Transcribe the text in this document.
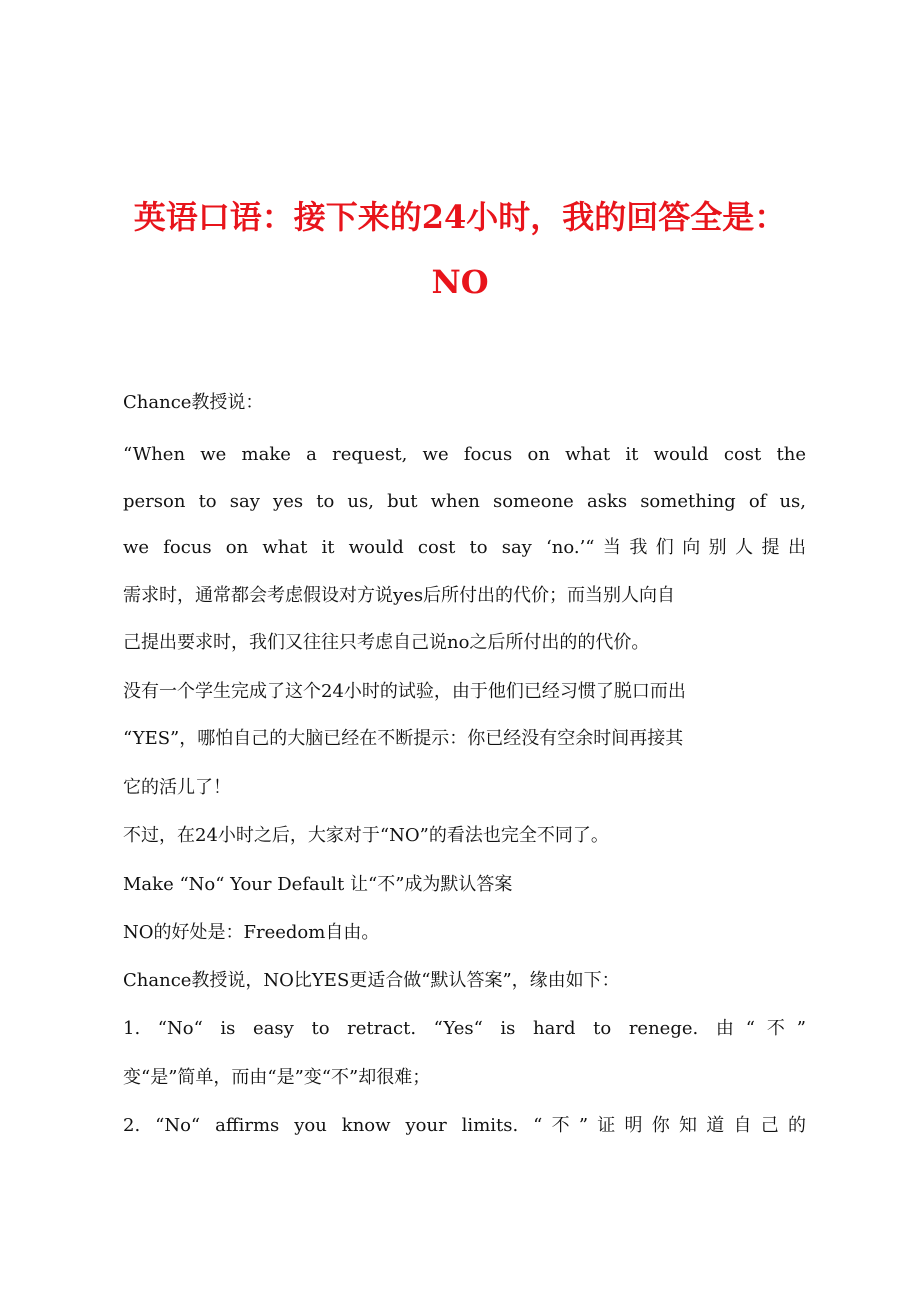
英语口语：接下来的24小时，我的回答全是：
NO

Chance教授说：

“When we make a request, we focus on what it would cost the

person to say yes to us, but when someone asks something of us,

we focus on what it would cost to say ‘no.’“当我们向别人提出

需求时，通常都会考虑假设对方说yes后所付出的代价；而当别人向自

己提出要求时，我们又往往只考虑自己说no之后所付出的的代价。

没有一个学生完成了这个24小时的试验，由于他们已经习惯了脱口而出

“YES”，哪怕自己的大脑已经在不断提示：你已经没有空余时间再接其

它的活儿了！

不过，在24小时之后，大家对于“NO”的看法也完全不同了。

Make “No“ Your Default 让“不”成为默认答案

NO的好处是：Freedom自由。

Chance教授说，NO比YES更适合做“默认答案”，缘由如下：

1. “No“ is easy to retract. “Yes“ is hard to renege. 由“不”

变“是”简单，而由“是”变“不”却很难；

2. “No“ affirms you know your limits. “不”证明你知道自己的
